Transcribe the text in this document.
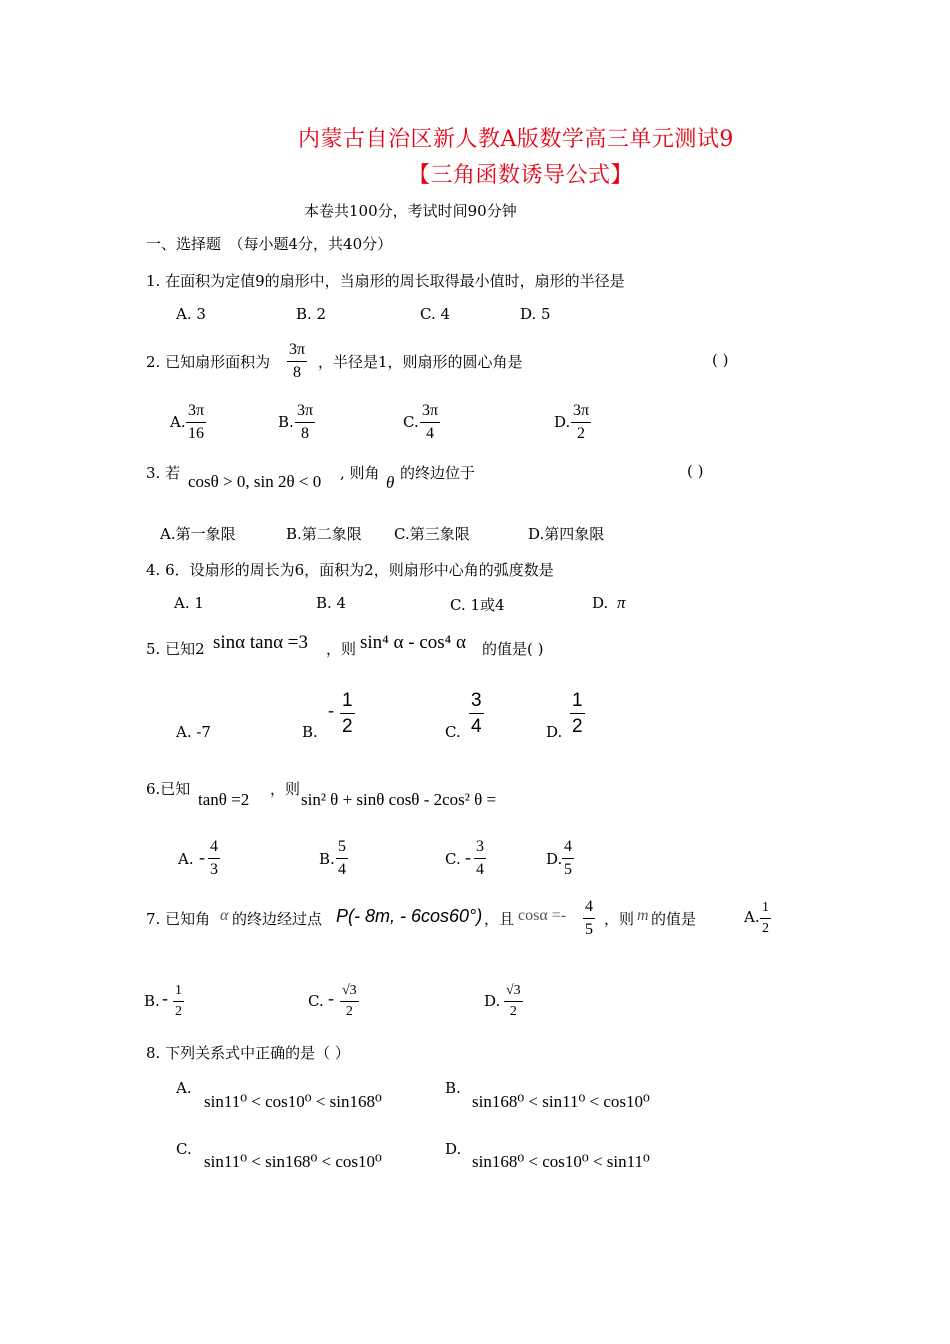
内蒙古自治区新人教A版数学高三单元测试9
【三角函数诱导公式】
本卷共100分，考试时间90分钟
一、选择题　（每小题4分，共40分）
1. 在面积为定值9的扇形中，当扇形的周长取得最小值时，扇形的半径是
A. 3	B. 2	C. 4	D. 5
2. 已知扇形面积为
3π
8
，半径是1，则扇形的圆心角是	( )
A.
3π
16
B.
3π
8
C.
3π
4
D.
3π
2
3. 若 cosθ > 0, sin 2θ < 0 , 则角 θ 的终边位于	( )
A.第一象限	B.第二象限 C.第三象限	D.第四象限
4. 6．设扇形的周长为6，面积为2，则扇形中心角的弧度数是
A. 1	B. 4	C. 1或4	D. π
5. 已知2 sinα tanα =3 ，则 sin⁴ α - cos⁴ α 的值是( )
A. -7	B.
- 1
2	C.
3
4	D.
1
2
6.已知
tanθ =2
，则
sin² θ + sinθ cosθ - 2cos² θ =
A. -
4
3
B.
5
4
C. -
3
4
D.
4
5
7. 已知角 α 的终边经过点 P(- 8m, - 6cos60°) ，且 cosα =-
4
5
，则 m 的值是	A.
1
2
B. - 1
2
C. - √3
2
D.
√3
2
8. 下列关系式中正确的是（ ）
A.
sin11⁰ < cos10⁰ < sin168⁰
B.
sin168⁰ < sin11⁰ < cos10⁰
C.
sin11⁰ < sin168⁰ < cos10⁰
D.
sin168⁰ < cos10⁰ < sin11⁰
